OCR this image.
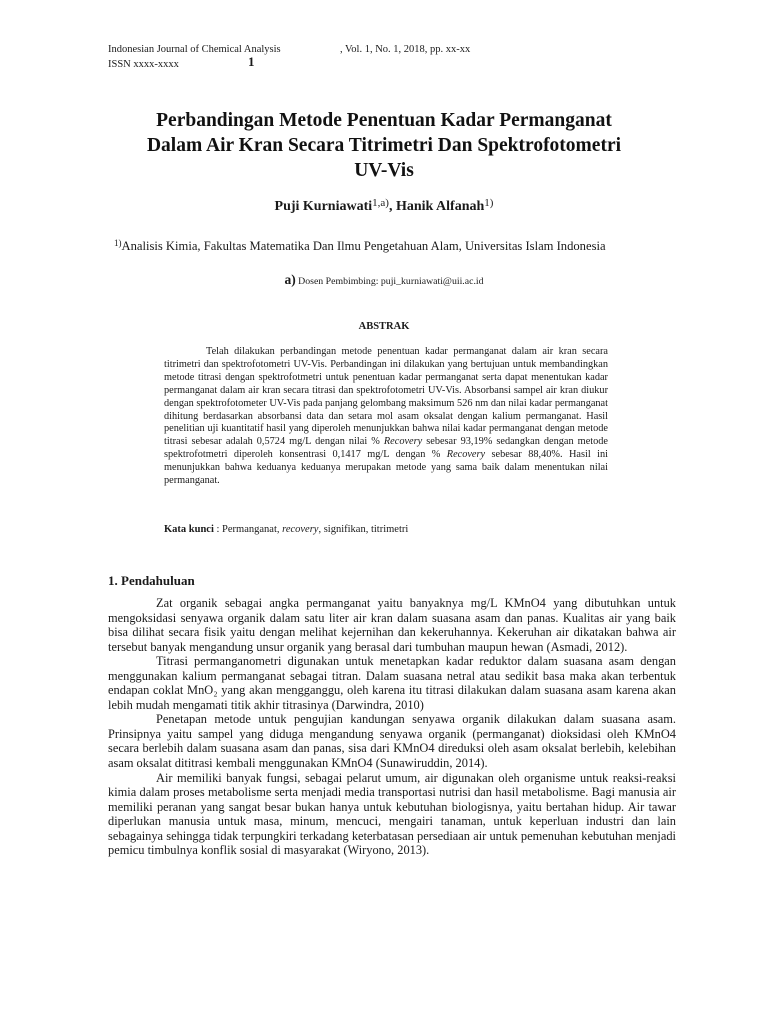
Indonesian Journal of Chemical Analysis	, Vol. 1, No. 1, 2018, pp. xx-xx
ISSN xxxx-xxxx	1
Perbandingan Metode Penentuan Kadar Permanganat
Dalam Air Kran Secara Titrimetri Dan Spektrofotometri
UV-Vis
Puji Kurniawati$^{1,a)}$, Hanik Alfanah$^{1)}$
$^{1)}$Analisis Kimia, Fakultas Matematika Dan Ilmu Pengetahuan Alam, Universitas Islam Indonesia
a) Dosen Pembimbing: puji_kurniawati@uii.ac.id
ABSTRAK

Telah dilakukan perbandingan metode penentuan kadar permanganat dalam air kran secara titrimetri dan spektrofotometri UV-Vis. Perbandingan ini dilakukan yang bertujuan untuk membandingkan metode titrasi dengan spektrofotmetri untuk penentuan kadar permanganat serta dapat menentukan kadar permanganat dalam air kran secara titrasi dan spektrofotometri UV-Vis. Absorbansi sampel air kran diukur dengan spektrofotometer UV-Vis pada panjang gelombang maksimum 526 nm dan nilai kadar permanganat dihitung berdasarkan absorbansi data dan setara mol asam oksalat dengan kalium permanganat. Hasil penelitian uji kuantitatif hasil yang diperoleh menunjukkan bahwa nilai kadar permanganat dengan metode titrasi sebesar adalah 0,5724 mg/L dengan nilai % Recovery sebesar 93,19% sedangkan dengan metode spektrofotmetri diperoleh konsentrasi 0,1417 mg/L dengan % Recovery sebesar 88,40%. Hasil ini menunjukkan bahwa keduanya keduanya merupakan metode yang sama baik dalam menentukan nilai permanganat.

Kata kunci : Permanganat, recovery, signifikan, titrimetri
1. Pendahuluan

Zat organik sebagai angka permanganat yaitu banyaknya mg/L KMnO4 yang dibutuhkan untuk mengoksidasi senyawa organik dalam satu liter air kran dalam suasana asam dan panas. Kualitas air yang baik bisa dilihat secara fisik yaitu dengan melihat kejernihan dan kekeruhannya. Kekeruhan air dikatakan bahwa air tersebut banyak mengandung unsur organik yang berasal dari tumbuhan maupun hewan (Asmadi, 2012).

Titrasi permanganometri digunakan untuk menetapkan kadar reduktor dalam suasana asam dengan menggunakan kalium permanganat sebagai titran. Dalam suasana netral atau sedikit basa maka akan terbentuk endapan coklat MnO₂ yang akan mengganggu, oleh karena itu titrasi dilakukan dalam suasana asam karena akan lebih mudah mengamati titik akhir titrasinya (Darwindra, 2010)

Penetapan metode untuk pengujian kandungan senyawa organik dilakukan dalam suasana asam. Prinsipnya yaitu sampel yang diduga mengandung senyawa organik (permanganat) dioksidasi oleh KMnO4 secara berlebih dalam suasana asam dan panas, sisa dari KMnO4 direduksi oleh asam oksalat berlebih, kelebihan asam oksalat dititrasi kembali menggunakan KMnO4 (Sunawiruddin, 2014).

Air memiliki banyak fungsi, sebagai pelarut umum, air digunakan oleh organisme untuk reaksi-reaksi kimia dalam proses metabolisme serta menjadi media transportasi nutrisi dan hasil metabolisme. Bagi manusia air memiliki peranan yang sangat besar bukan hanya untuk kebutuhan biologisnya, yaitu bertahan hidup. Air tawar diperlukan manusia untuk masa, minum, mencuci, mengairi tanaman, untuk keperluan industri dan lain sebagainya sehingga tidak terpungkiri terkadang keterbatasan persediaan air untuk pemenuhan kebutuhan menjadi pemicu timbulnya konflik sosial di masyarakat (Wiryono, 2013).
